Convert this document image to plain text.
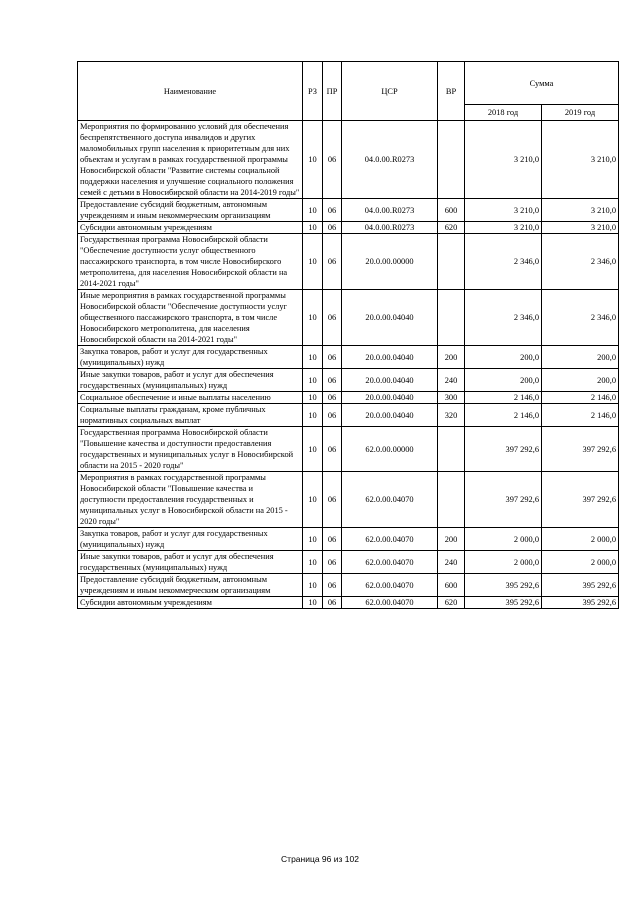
Наименование	РЗ	ПР	ЦСР	ВР	Сумма	
					2018 год	2019 год
Мероприятия по формированию условий для обеспечения беспрепятственного доступа инвалидов и других маломобильных групп населения к приоритетным для них объектам и услугам в рамках государственной программы Новосибирской области "Развитие системы социальной поддержки населения и улучшение социального положения семей с детьми в Новосибирской области на 2014-2019 годы"	10	06	04.0.00.R0273		3 210,0	3 210,0
Предоставление субсидий бюджетным, автономным учреждениям и иным некоммерческим организациям	10	06	04.0.00.R0273	600	3 210,0	3 210,0
Субсидии автономным учреждениям	10	06	04.0.00.R0273	620	3 210,0	3 210,0
Государственная программа Новосибирской области "Обеспечение доступности услуг общественного пассажирского транспорта, в том числе Новосибирского метрополитена, для населения Новосибирской области на 2014-2021 годы"	10	06	20.0.00.00000		2 346,0	2 346,0
Иные мероприятия в рамках государственной программы Новосибирской области "Обеспечение доступности услуг общественного пассажирского транспорта, в том числе Новосибирского метрополитена, для населения Новосибирской области на 2014-2021 годы"	10	06	20.0.00.04040		2 346,0	2 346,0
Закупка товаров, работ и услуг для государственных (муниципальных) нужд	10	06	20.0.00.04040	200	200,0	200,0
Иные закупки товаров, работ и услуг для обеспечения государственных (муниципальных) нужд	10	06	20.0.00.04040	240	200,0	200,0
Социальное обеспечение и иные выплаты населению	10	06	20.0.00.04040	300	2 146,0	2 146,0
Социальные выплаты гражданам, кроме публичных нормативных социальных выплат	10	06	20.0.00.04040	320	2 146,0	2 146,0
Государственная программа Новосибирской области "Повышение качества и доступности предоставления государственных и муниципальных услуг в Новосибирской области на 2015 - 2020 годы"	10	06	62.0.00.00000		397 292,6	397 292,6
Мероприятия в рамках государственной программы Новосибирской области "Повышение качества и доступности предоставления государственных и муниципальных услуг в Новосибирской области на 2015 - 2020 годы"	10	06	62.0.00.04070		397 292,6	397 292,6
Закупка товаров, работ и услуг для государственных (муниципальных) нужд	10	06	62.0.00.04070	200	2 000,0	2 000,0
Иные закупки товаров, работ и услуг для обеспечения государственных (муниципальных) нужд	10	06	62.0.00.04070	240	2 000,0	2 000,0
Предоставление субсидий бюджетным, автономным учреждениям и иным некоммерческим организациям	10	06	62.0.00.04070	600	395 292,6	395 292,6
Субсидии автономным учреждениям	10	06	62.0.00.04070	620	395 292,6	395 292,6
Страница 96 из 102
